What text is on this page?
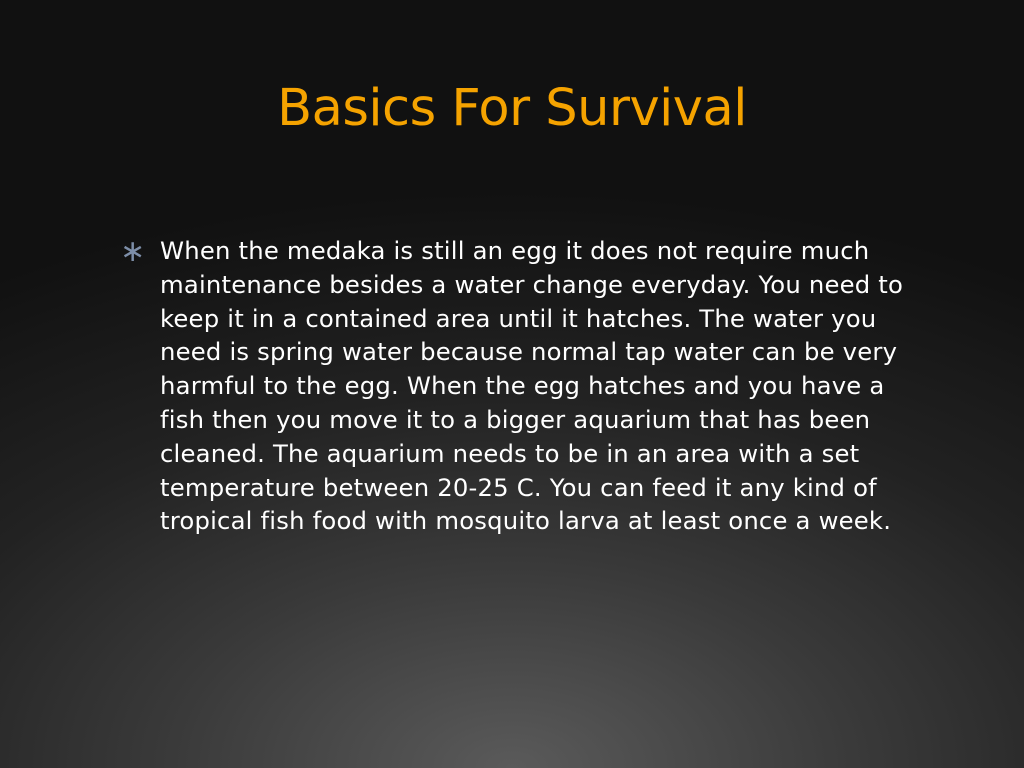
Basics For Survival
∗ When the medaka is still an egg it does not require much maintenance besides a water change everyday. You need to keep it in a contained area until it hatches. The water you need is spring water because normal tap water can be very harmful to the egg. When the egg hatches and you have a fish then you move it to a bigger aquarium that has been cleaned. The aquarium needs to be in an area with a set temperature between 20-25 C. You can feed it any kind of tropical fish food with mosquito larva at least once a week.
